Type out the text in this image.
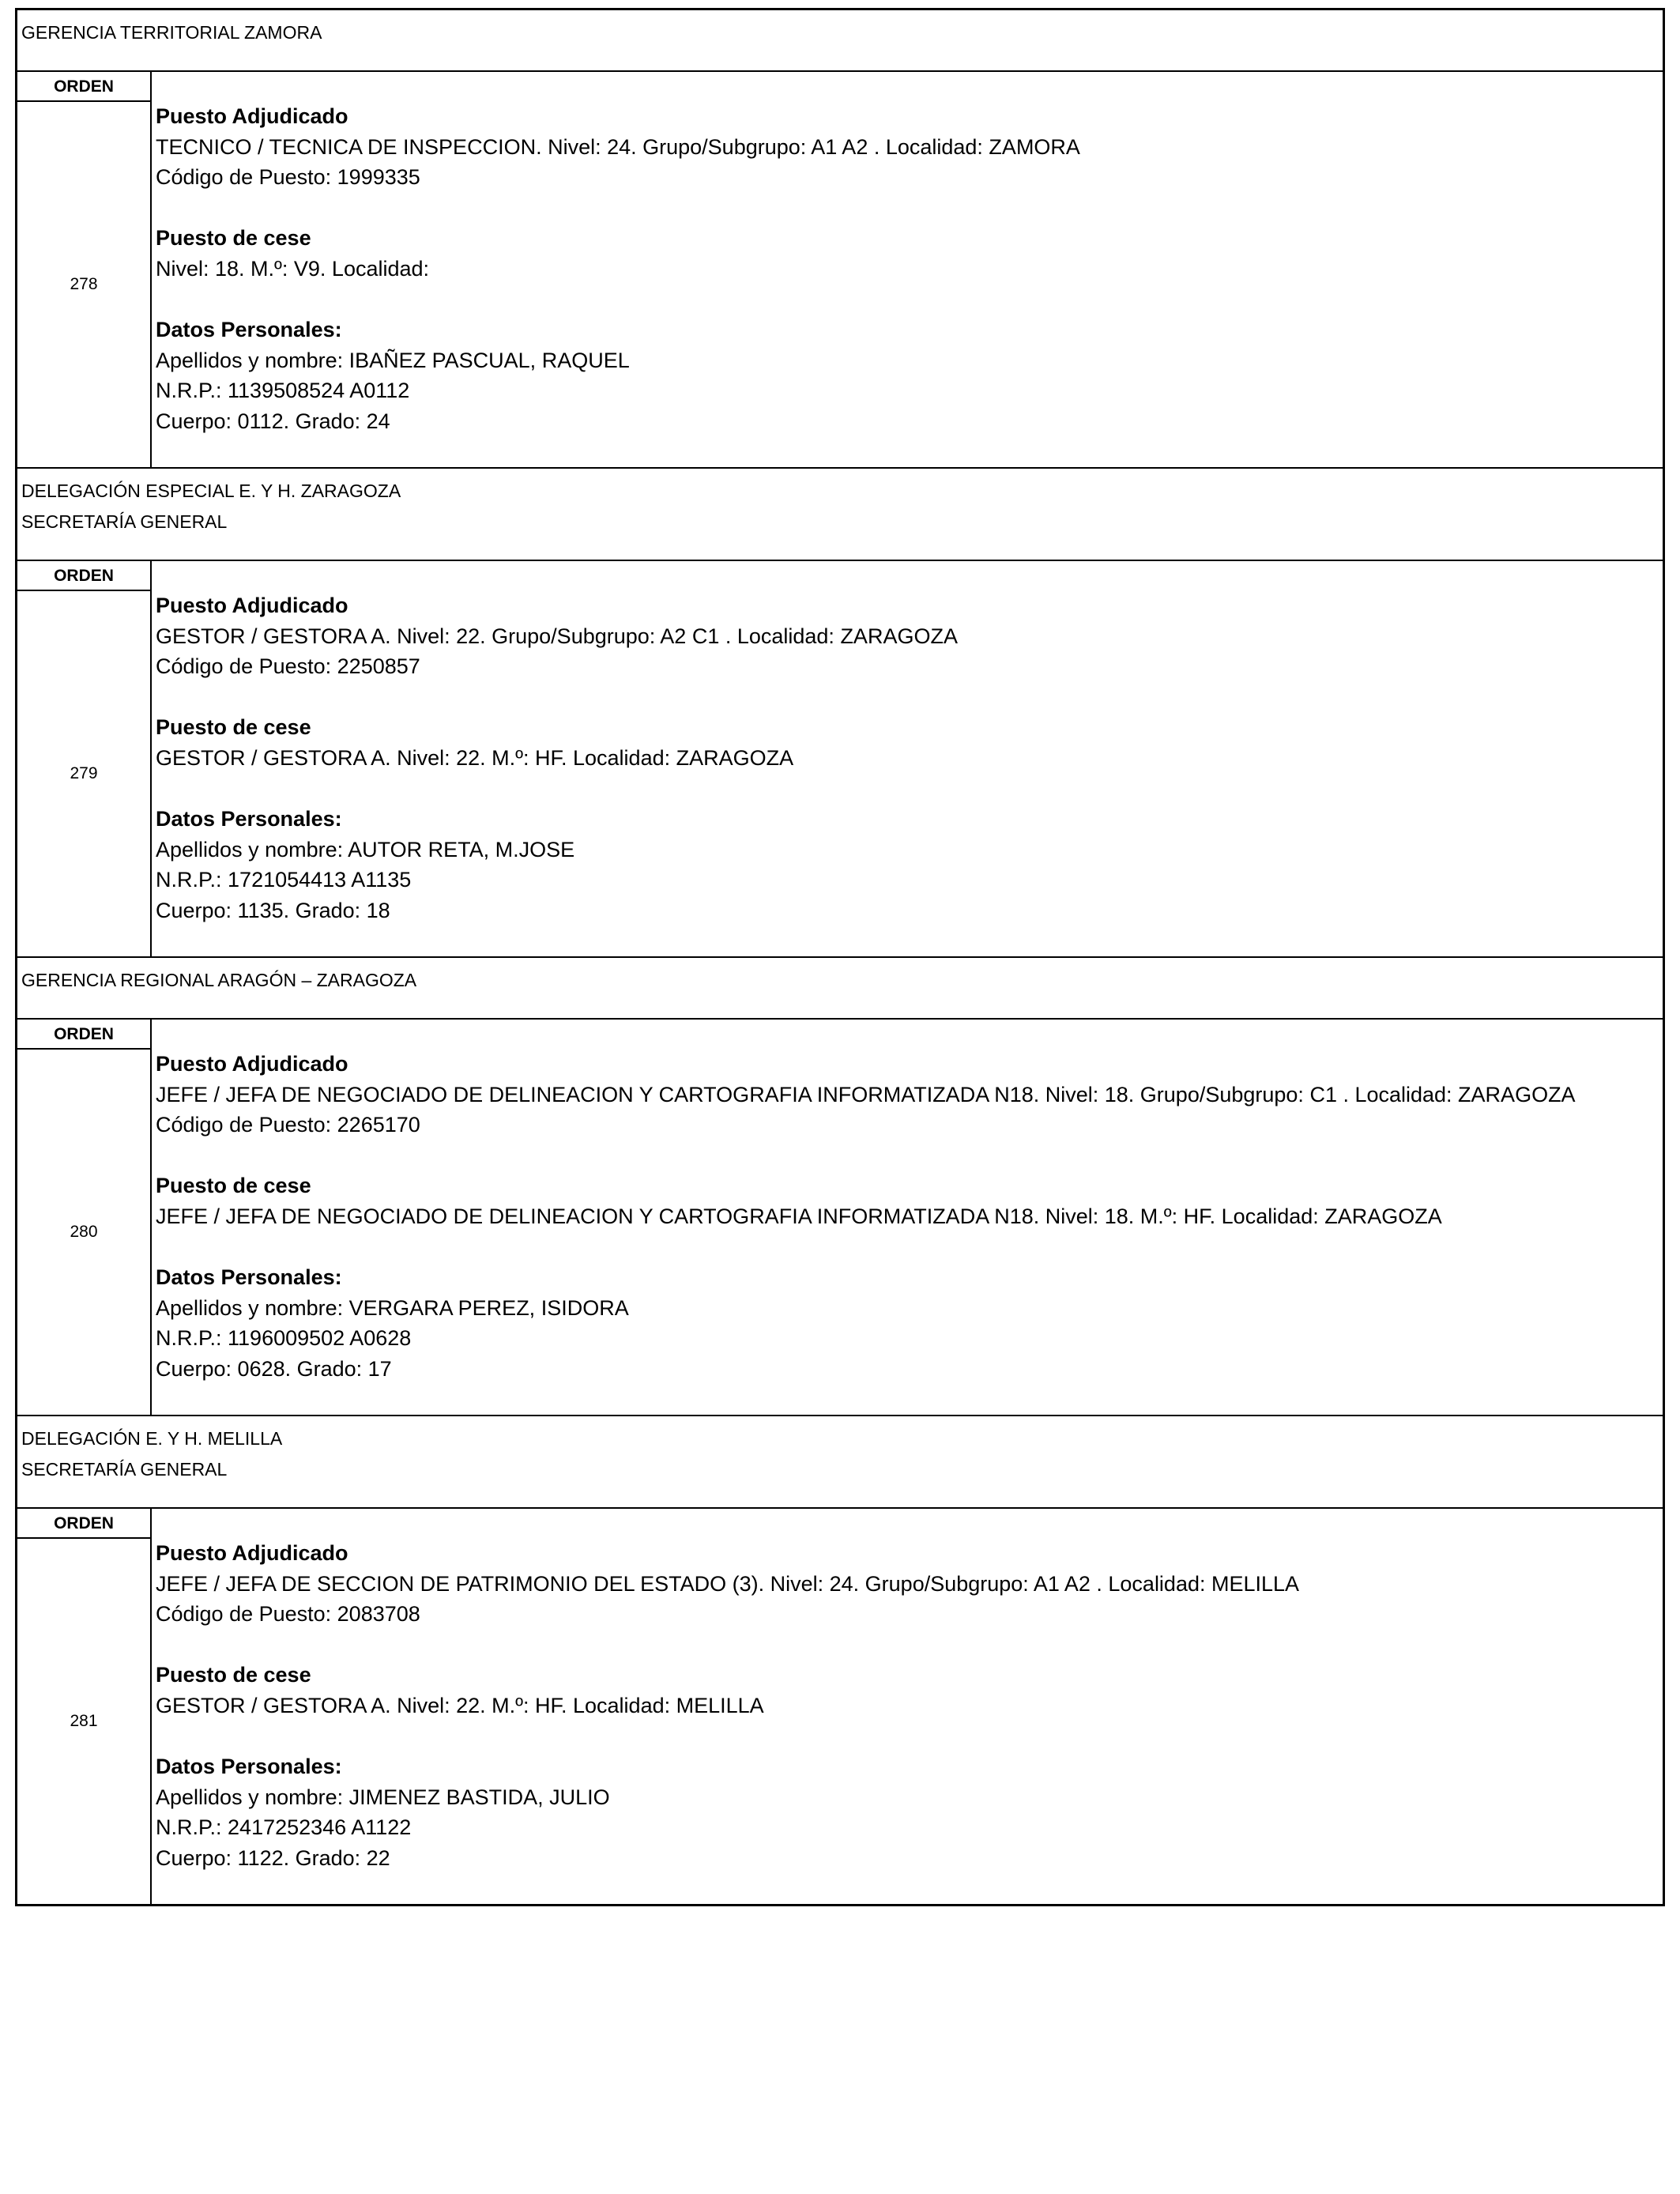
GERENCIA TERRITORIAL ZAMORA
ORDEN
278
Puesto Adjudicado
TECNICO / TECNICA DE INSPECCION. Nivel: 24. Grupo/Subgrupo: A1 A2 . Localidad: ZAMORA
Código de Puesto: 1999335
Puesto de cese
Nivel: 18. M.º: V9. Localidad:
Datos Personales:
Apellidos y nombre: IBAÑEZ PASCUAL, RAQUEL
N.R.P.: 1139508524 A0112
Cuerpo: 0112. Grado: 24
DELEGACIÓN ESPECIAL E. Y H. ZARAGOZA
SECRETARÍA GENERAL
ORDEN
279
Puesto Adjudicado
GESTOR / GESTORA A. Nivel: 22. Grupo/Subgrupo: A2 C1 . Localidad: ZARAGOZA
Código de Puesto: 2250857
Puesto de cese
GESTOR / GESTORA A. Nivel: 22. M.º: HF. Localidad: ZARAGOZA
Datos Personales:
Apellidos y nombre: AUTOR RETA, M.JOSE
N.R.P.: 1721054413 A1135
Cuerpo: 1135. Grado: 18
GERENCIA REGIONAL ARAGÓN – ZARAGOZA
ORDEN
280
Puesto Adjudicado
JEFE / JEFA DE NEGOCIADO DE DELINEACION Y CARTOGRAFIA INFORMATIZADA N18. Nivel: 18. Grupo/Subgrupo: C1 . Localidad: ZARAGOZA
Código de Puesto: 2265170
Puesto de cese
JEFE / JEFA DE NEGOCIADO DE DELINEACION Y CARTOGRAFIA INFORMATIZADA N18. Nivel: 18. M.º: HF. Localidad: ZARAGOZA
Datos Personales:
Apellidos y nombre: VERGARA PEREZ, ISIDORA
N.R.P.: 1196009502 A0628
Cuerpo: 0628. Grado: 17
DELEGACIÓN E. Y H. MELILLA
SECRETARÍA GENERAL
ORDEN
281
Puesto Adjudicado
JEFE / JEFA DE SECCION DE PATRIMONIO DEL ESTADO (3). Nivel: 24. Grupo/Subgrupo: A1 A2 . Localidad: MELILLA
Código de Puesto: 2083708
Puesto de cese
GESTOR / GESTORA A. Nivel: 22. M.º: HF. Localidad: MELILLA
Datos Personales:
Apellidos y nombre: JIMENEZ BASTIDA, JULIO
N.R.P.: 2417252346 A1122
Cuerpo: 1122. Grado: 22
